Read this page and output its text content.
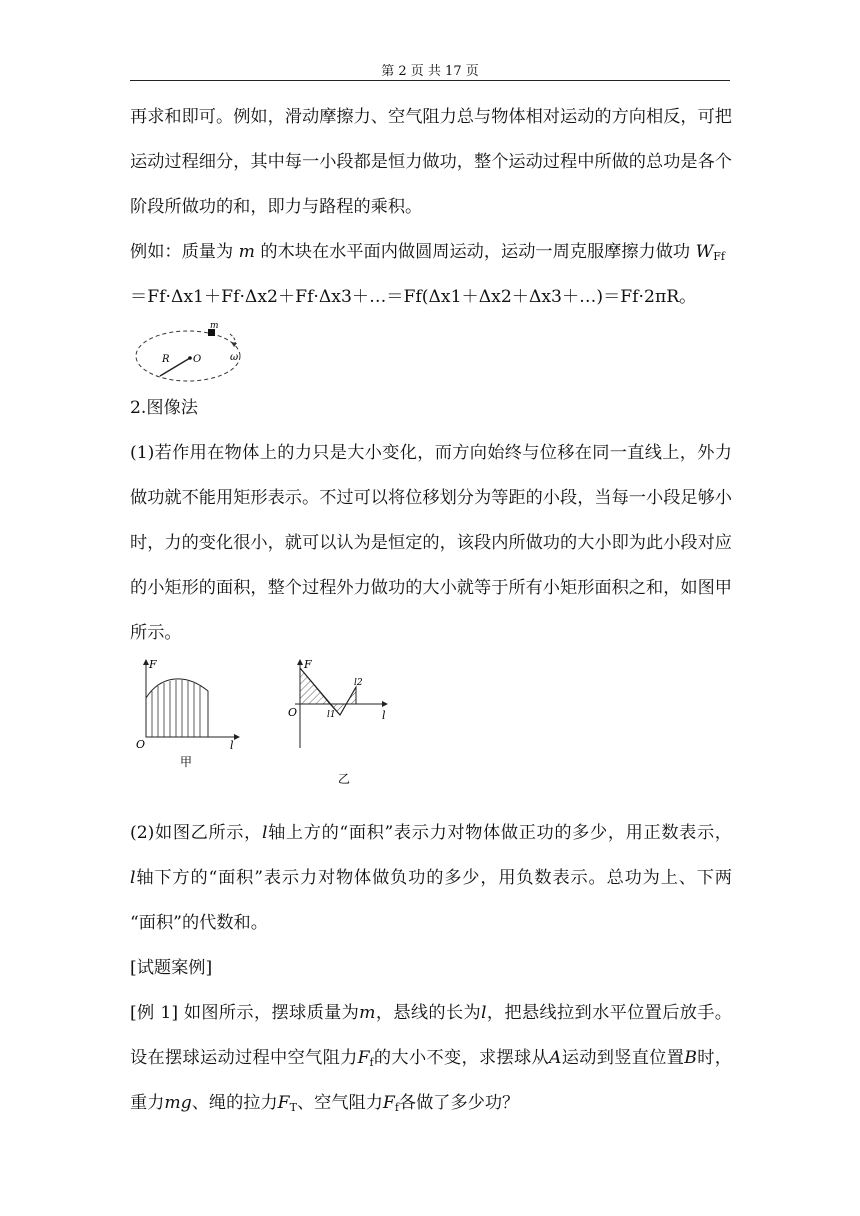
第 2 页 共 17 页
再求和即可。例如，滑动摩擦力、空气阻力总与物体相对运动的方向相反，可把
运动过程细分，其中每一小段都是恒力做功，整个运动过程中所做的总功是各个
阶段所做功的和，即力与路程的乘积。
例如：质量为 m 的木块在水平面内做圆周运动，运动一周克服摩擦力做功 $W_{Ff}$
＝Ff·Δx1＋Ff·Δx2＋Ff·Δx3＋…＝Ff(Δx1＋Δx2＋Δx3＋…)＝Ff·2πR。
m
R O	ω
2.图像法
(1)若作用在物体上的力只是大小变化，而方向始终与位移在同一直线上，外力
做功就不能用矩形表示。不过可以将位移划分为等距的小段，当每一小段足够小
时，力的变化很小，就可以认为是恒定的，该段内所做功的大小即为此小段对应
的小矩形的面积，整个过程外力做功的大小就等于所有小矩形面积之和，如图甲
所示。
F
O	l
甲
F
O	l
l1
l2
乙
(2)如图乙所示，l轴上方的“面积”表示力对物体做正功的多少，用正数表示，
l轴下方的“面积”表示力对物体做负功的多少，用负数表示。总功为上、下两
“面积”的代数和。
[试题案例]
[例 1] 如图所示，摆球质量为m，悬线的长为l，把悬线拉到水平位置后放手。
设在摆球运动过程中空气阻力$F_f$的大小不变，求摆球从A运动到竖直位置B时，
重力mg、绳的拉力$F_T$、空气阻力$F_f$各做了多少功？
